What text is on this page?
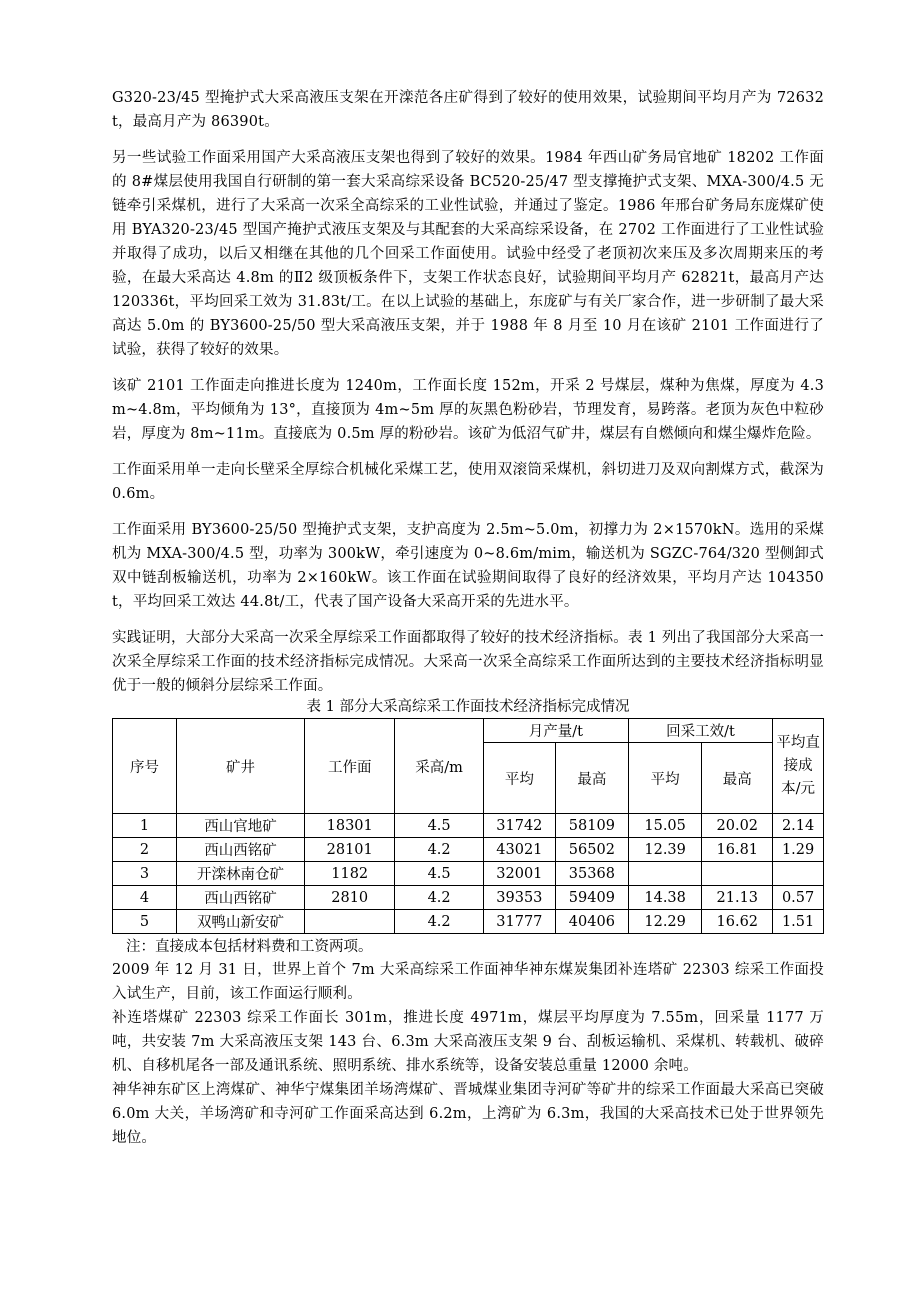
G320-23/45 型掩护式大采高液压支架在开滦范各庄矿得到了较好的使用效果，试验期间平均月产为 72632t，最高月产为 86390t。

另一些试验工作面采用国产大采高液压支架也得到了较好的效果。1984 年西山矿务局官地矿 18202 工作面的 8#煤层使用我国自行研制的第一套大采高综采设备 BC520-25/47 型支撑掩护式支架、MXA-300/4.5 无链牵引采煤机，进行了大采高一次采全高综采的工业性试验，并通过了鉴定。1986 年邢台矿务局东庞煤矿使用 BYA320-23/45 型国产掩护式液压支架及与其配套的大采高综采设备，在 2702 工作面进行了工业性试验并取得了成功，以后又相继在其他的几个回采工作面使用。试验中经受了老顶初次来压及多次周期来压的考验，在最大采高达 4.8m 的Ⅱ2 级顶板条件下，支架工作状态良好，试验期间平均月产 62821t，最高月产达 120336t，平均回采工效为 31.83t/工。在以上试验的基础上，东庞矿与有关厂家合作，进一步研制了最大采高达 5.0m 的 BY3600-25/50 型大采高液压支架，并于 1988 年 8 月至 10 月在该矿 2101 工作面进行了试验，获得了较好的效果。

该矿 2101 工作面走向推进长度为 1240m，工作面长度 152m，开采 2 号煤层，煤种为焦煤，厚度为 4.3m~4.8m，平均倾角为 13°，直接顶为 4m~5m 厚的灰黑色粉砂岩，节理发育，易跨落。老顶为灰色中粒砂岩，厚度为 8m~11m。直接底为 0.5m 厚的粉砂岩。该矿为低沼气矿井，煤层有自燃倾向和煤尘爆炸危险。

工作面采用单一走向长壁采全厚综合机械化采煤工艺，使用双滚筒采煤机，斜切进刀及双向割煤方式，截深为 0.6m。

工作面采用 BY3600-25/50 型掩护式支架，支护高度为 2.5m~5.0m，初撑力为 2×1570kN。选用的采煤机为 MXA-300/4.5 型，功率为 300kW，牵引速度为 0~8.6m/mim，输送机为 SGZC-764/320 型侧卸式双中链刮板输送机，功率为 2×160kW。该工作面在试验期间取得了良好的经济效果，平均月产达 104350t，平均回采工效达 44.8t/工，代表了国产设备大采高开采的先进水平。

实践证明，大部分大采高一次采全厚综采工作面都取得了较好的技术经济指标。表 1 列出了我国部分大采高一次采全厚综采工作面的技术经济指标完成情况。大采高一次采全高综采工作面所达到的主要技术经济指标明显优于一般的倾斜分层综采工作面。

表 1 部分大采高综采工作面技术经济指标完成情况
序号	矿井	工作面	采高/m	月产量/t		回采工效/t		平均直接成本/元
				平均	最高	平均	最高	
1	西山官地矿	18301	4.5	31742	58109	15.05	20.02	2.14
2	西山西铭矿	28101	4.2	43021	56502	12.39	16.81	1.29
3	开滦林南仓矿	1182	4.5	32001	35368			
4	西山西铭矿	2810	4.2	39353	59409	14.38	21.13	0.57
5	双鸭山新安矿		4.2	31777	40406	12.29	16.62	1.51

注：直接成本包括材料费和工资两项。

2009 年 12 月 31 日，世界上首个 7m 大采高综采工作面神华神东煤炭集团补连塔矿 22303 综采工作面投入试生产，目前，该工作面运行顺利。

补连塔煤矿 22303 综采工作面长 301m，推进长度 4971m，煤层平均厚度为 7.55m，回采量 1177 万吨，共安装 7m 大采高液压支架 143 台、6.3m 大采高液压支架 9 台、刮板运输机、采煤机、转载机、破碎机、自移机尾各一部及通讯系统、照明系统、排水系统等，设备安装总重量 12000 余吨。

神华神东矿区上湾煤矿、神华宁煤集团羊场湾煤矿、晋城煤业集团寺河矿等矿井的综采工作面最大采高已突破 6.0m 大关，羊场湾矿和寺河矿工作面采高达到 6.2m，上湾矿为 6.3m，我国的大采高技术已处于世界领先地位。
